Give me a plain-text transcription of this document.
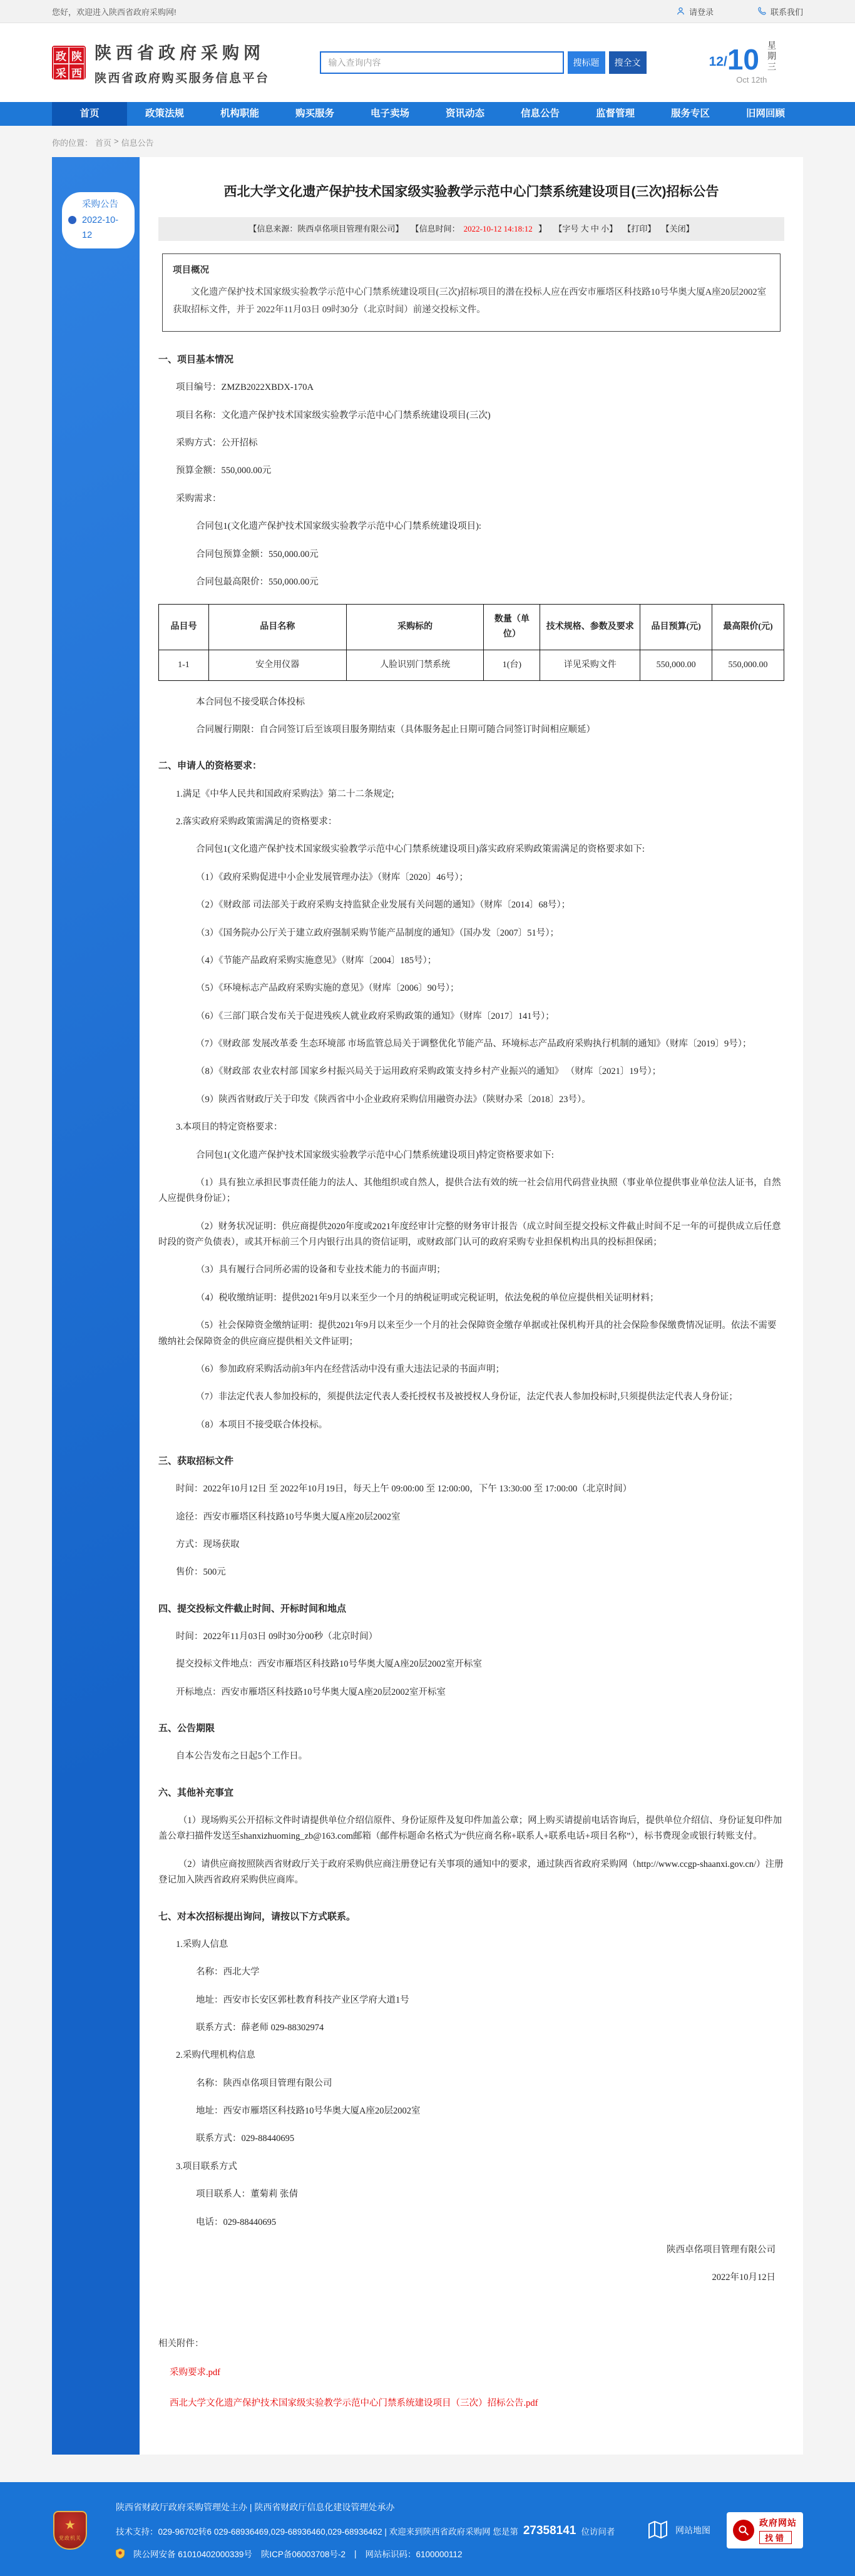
您好，欢迎进入陕西省政府采购网!	请登录	联系我们
政 陕
采 西
陕西省政府采购网
陕西省政府购买服务信息平台
输入查询内容
搜标题	搜全文	12/ 10 星期三
Oct 12th
首页	政策法规	机构职能	购买服务	电子卖场	资讯动态	信息公告	监督管理	服务专区	旧网回顾
你的位置： 首页 > 信息公告
采购公告
2022-10-12
西北大学文化遗产保护技术国家级实验教学示范中心门禁系统建设项目(三次)招标公告
【信息来源：陕西卓佲项目管理有限公司】 【信息时间： 2022-10-12 14:18:12 】 【字号 大 中 小】 【打印】 【关闭】
项目概况
文化遗产保护技术国家级实验教学示范中心门禁系统建设项目(三次)招标项目的潜在投标人应在西安市雁塔区科技路10号华奥大厦A座20层2002室获取招标文件，并于 2022年11月03日 09时30分（北京时间）前递交投标文件。
一、项目基本情况
项目编号：ZMZB2022XBDX-170A
项目名称：文化遗产保护技术国家级实验教学示范中心门禁系统建设项目(三次)
采购方式：公开招标
预算金额：550,000.00元
采购需求：
合同包1(文化遗产保护技术国家级实验教学示范中心门禁系统建设项目):
合同包预算金额：550,000.00元
合同包最高限价：550,000.00元
品目号	品目名称	采购标的	数量（单位）	技术规格、参数及要求	品目预算(元)	最高限价(元)
1-1	安全用仪器	人脸识别门禁系统	1(台)	详见采购文件	550,000.00	550,000.00
本合同包不接受联合体投标
合同履行期限：自合同签订后至该项目服务期结束（具体服务起止日期可随合同签订时间相应顺延）
二、申请人的资格要求：
1.满足《中华人民共和国政府采购法》第二十二条规定;
2.落实政府采购政策需满足的资格要求：
合同包1(文化遗产保护技术国家级实验教学示范中心门禁系统建设项目)落实政府采购政策需满足的资格要求如下:
（1）《政府采购促进中小企业发展管理办法》（财库〔2020〕46号）；
（2）《财政部 司法部关于政府采购支持监狱企业发展有关问题的通知》（财库〔2014〕68号）；
（3）《国务院办公厅关于建立政府强制采购节能产品制度的通知》（国办发〔2007〕51号）；
（4）《节能产品政府采购实施意见》（财库〔2004〕185号）；
（5）《环境标志产品政府采购实施的意见》（财库〔2006〕90号）；
（6）《三部门联合发布关于促进残疾人就业政府采购政策的通知》（财库〔2017〕141号）；
（7）《财政部 发展改革委 生态环境部 市场监管总局关于调整优化节能产品、环境标志产品政府采购执行机制的通知》（财库〔2019〕9号）；
（8）《财政部 农业农村部 国家乡村振兴局关于运用政府采购政策支持乡村产业振兴的通知》 （财库〔2021〕19号）；
（9）陕西省财政厅关于印发《陕西省中小企业政府采购信用融资办法》（陕财办采〔2018〕23号）。
3.本项目的特定资格要求：
合同包1(文化遗产保护技术国家级实验教学示范中心门禁系统建设项目)特定资格要求如下:
（1）具有独立承担民事责任能力的法人、其他组织或自然人，提供合法有效的统一社会信用代码营业执照（事业单位提供事业单位法人证书，自然人应提供身份证）；
（2）财务状况证明：供应商提供2020年度或2021年度经审计完整的财务审计报告（成立时间至提交投标文件截止时间不足一年的可提供成立后任意时段的资产负债表），或其开标前三个月内银行出具的资信证明，或财政部门认可的政府采购专业担保机构出具的投标担保函；
（3）具有履行合同所必需的设备和专业技术能力的书面声明；
（4）税收缴纳证明：提供2021年9月以来至少一个月的纳税证明或完税证明，依法免税的单位应提供相关证明材料；
（5）社会保障资金缴纳证明：提供2021年9月以来至少一个月的社会保障资金缴存单据或社保机构开具的社会保险参保缴费情况证明。依法不需要缴纳社会保障资金的供应商应提供相关文件证明；
（6）参加政府采购活动前3年内在经营活动中没有重大违法记录的书面声明；
（7）非法定代表人参加投标的，须提供法定代表人委托授权书及被授权人身份证，法定代表人参加投标时,只须提供法定代表人身份证；
（8）本项目不接受联合体投标。
三、获取招标文件
时间：2022年10月12日 至 2022年10月19日，每天上午 09:00:00 至 12:00:00，下午 13:30:00 至 17:00:00（北京时间）
途径：西安市雁塔区科技路10号华奥大厦A座20层2002室
方式：现场获取
售价：500元
四、提交投标文件截止时间、开标时间和地点
时间：2022年11月03日 09时30分00秒（北京时间）
提交投标文件地点：西安市雁塔区科技路10号华奥大厦A座20层2002室开标室
开标地点：西安市雁塔区科技路10号华奥大厦A座20层2002室开标室
五、公告期限
自本公告发布之日起5个工作日。
六、其他补充事宜
（1）现场购买公开招标文件时请提供单位介绍信原件、身份证原件及复印件加盖公章；网上购买请提前电话咨询后，提供单位介绍信、身份证复印件加盖公章扫描件发送至shanxizhuoming_zb@163.com邮箱（邮件标题命名格式为“供应商名称+联系人+联系电话+项目名称”），标书费现金或银行转账支付。
（2）请供应商按照陕西省财政厅关于政府采购供应商注册登记有关事项的通知中的要求，通过陕西省政府采购网（http://www.ccgp-shaanxi.gov.cn/）注册登记加入陕西省政府采购供应商库。
七、对本次招标提出询问，请按以下方式联系。
1.采购人信息
名称：西北大学
地址：西安市长安区郭杜教育科技产业区学府大道1号
联系方式：薛老师 029-88302974
2.采购代理机构信息
名称：陕西卓佲项目管理有限公司
地址：西安市雁塔区科技路10号华奥大厦A座20层2002室
联系方式：029-88440695
3.项目联系方式
项目联系人：董菊莉 张倩
电话：029-88440695
陕西卓佲项目管理有限公司
2022年10月12日
相关附件：
采购要求.pdf
西北大学文化遗产保护技术国家级实验教学示范中心门禁系统建设项目（三次）招标公告.pdf
★
党政机关
陕西省财政厅政府采购管理处主办 | 陕西省财政厅信息化建设管理处承办
技术支持：029-96702转6 029-68936469,029-68936460,029-68936462 | 欢迎来到陕西省政府采购网 您是第 27358141 位访问者
陕公网安备 61010402000339号 陕ICP备06003708号-2 | 网站标识码：6100000112
网站地图
政府网站
找错
